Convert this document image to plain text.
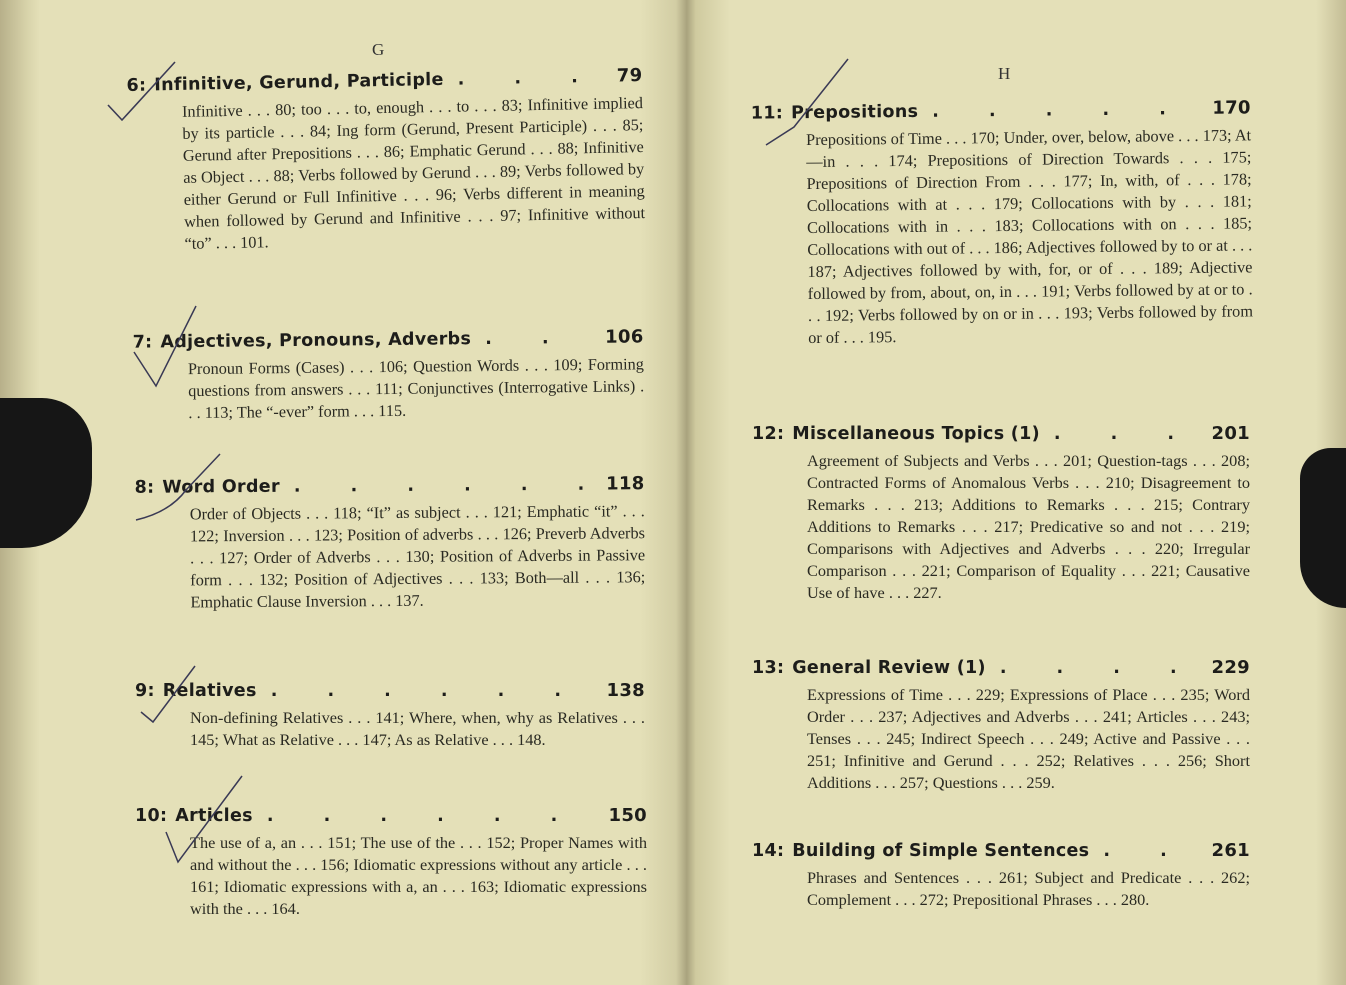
G
6: Infinitive, Gerund, Participle . . .	79
Infinitive . . . 80; too . . . to, enough . . . to . . . 83; Infinitive implied by its particle . . . 84; Ing form (Gerund, Present Participle) . . . 85; Gerund after Prepositions . . . 86; Emphatic Gerund . . . 88; Infinitive as Object . . . 88; Verbs followed by Gerund . . . 89; Verbs followed by either Gerund or Full Infinitive . . . 96; Verbs different in meaning when followed by Gerund and Infinitive . . . 97; Infinitive without “to” . . . 101.
7: Adjectives, Pronouns, Adverbs . . .	106
Pronoun Forms (Cases) . . . 106; Question Words . . . 109; Forming questions from answers . . . 111; Conjunctives (Interrogative Links) . . . 113; The “-ever” form . . . 115.
8: Word Order . . .	118
Order of Objects . . . 118; “It” as subject . . . 121; Emphatic “it” . . . 122; Inversion . . . 123; Position of adverbs . . . 126; Preverb Adverbs . . . 127; Order of Adverbs . . . 130; Position of Adverbs in Passive form . . . 132; Position of Adjectives . . . 133; Both—all . . . 136; Emphatic Clause Inversion . . . 137.
9: Relatives . . .	138
Non-defining Relatives . . . 141; Where, when, why as Relatives . . . 145; What as Relative . . . 147; As as Relative . . . 148.
10: Articles . . .	150
The use of a, an . . . 151; The use of the . . . 152; Proper Names with and without the . . . 156; Idiomatic expressions without any article . . . 161; Idiomatic expressions with a, an . . . 163; Idiomatic expressions with the . . . 164.
H
11: Prepositions . . .	170
Prepositions of Time . . . 170; Under, over, below, above . . . 173; At—in . . . 174; Prepositions of Direction Towards . . . 175; Prepositions of Direction From . . . 177; In, with, of . . . 178; Collocations with at . . . 179; Collocations with by . . . 181; Collocations with in . . . 183; Collocations with on . . . 185; Collocations with out of . . . 186; Adjectives followed by to or at . . . 187; Adjectives followed by with, for, or of . . . 189; Adjective followed by from, about, on, in . . . 191; Verbs followed by at or to . . . 192; Verbs followed by on or in . . . 193; Verbs followed by from or of . . . 195.
12: Miscellaneous Topics (1) . . .	201
Agreement of Subjects and Verbs . . . 201; Question-tags . . . 208; Contracted Forms of Anomalous Verbs . . . 210; Disagreement to Remarks . . . 213; Additions to Remarks . . . 215; Contrary Additions to Remarks . . . 217; Predicative so and not . . . 219; Comparisons with Adjectives and Adverbs . . . 220; Irregular Comparison . . . 221; Comparison of Equality . . . 221; Causative Use of have . . . 227.
13: General Review (1) . . .	229
Expressions of Time . . . 229; Expressions of Place . . . 235; Word Order . . . 237; Adjectives and Adverbs . . . 241; Articles . . . 243; Tenses . . . 245; Indirect Speech . . . 249; Active and Passive . . . 251; Infinitive and Gerund . . . 252; Relatives . . . 256; Short Additions . . . 257; Questions . . . 259.
14: Building of Simple Sentences . . .	261
Phrases and Sentences . . . 261; Subject and Predicate . . . 262; Complement . . . 272; Prepositional Phrases . . . 280.
